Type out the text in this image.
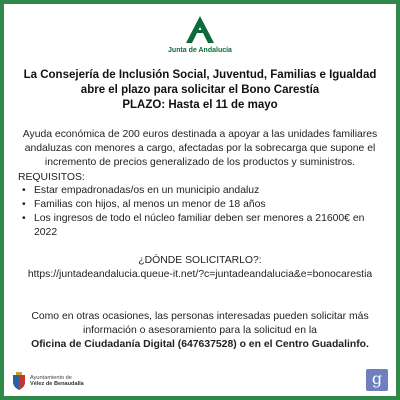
Junta de Andalucía
La Consejería de Inclusión Social, Juventud, Familias e Igualdad
abre el plazo para solicitar el Bono Carestía
PLAZO: Hasta el 11 de mayo
Ayuda económica de 200 euros destinada a apoyar a las unidades familiares andaluzas con menores a cargo, afectadas por la sobrecarga que supone el incremento de precios generalizado de los productos y suministros.
REQUISITOS:
• Estar empadronadas/os en un municipio andaluz
• Familias con hijos, al menos un menor de 18 años
• Los ingresos de todo el núcleo familiar deben ser menores a 21600€ en 2022
¿DÓNDE SOLICITARLO?:
https://juntadeandalucia.queue-it.net/?c=juntadeandalucia&e=bonocarestia
Como en otras ocasiones, las personas interesadas pueden solicitar más
información o asesoramiento para la solicitud en la
Oficina de Ciudadanía Digital (647637528) o en el Centro Guadalinfo.
Ayuntamiento de
Vélez de Benaudalla	g
